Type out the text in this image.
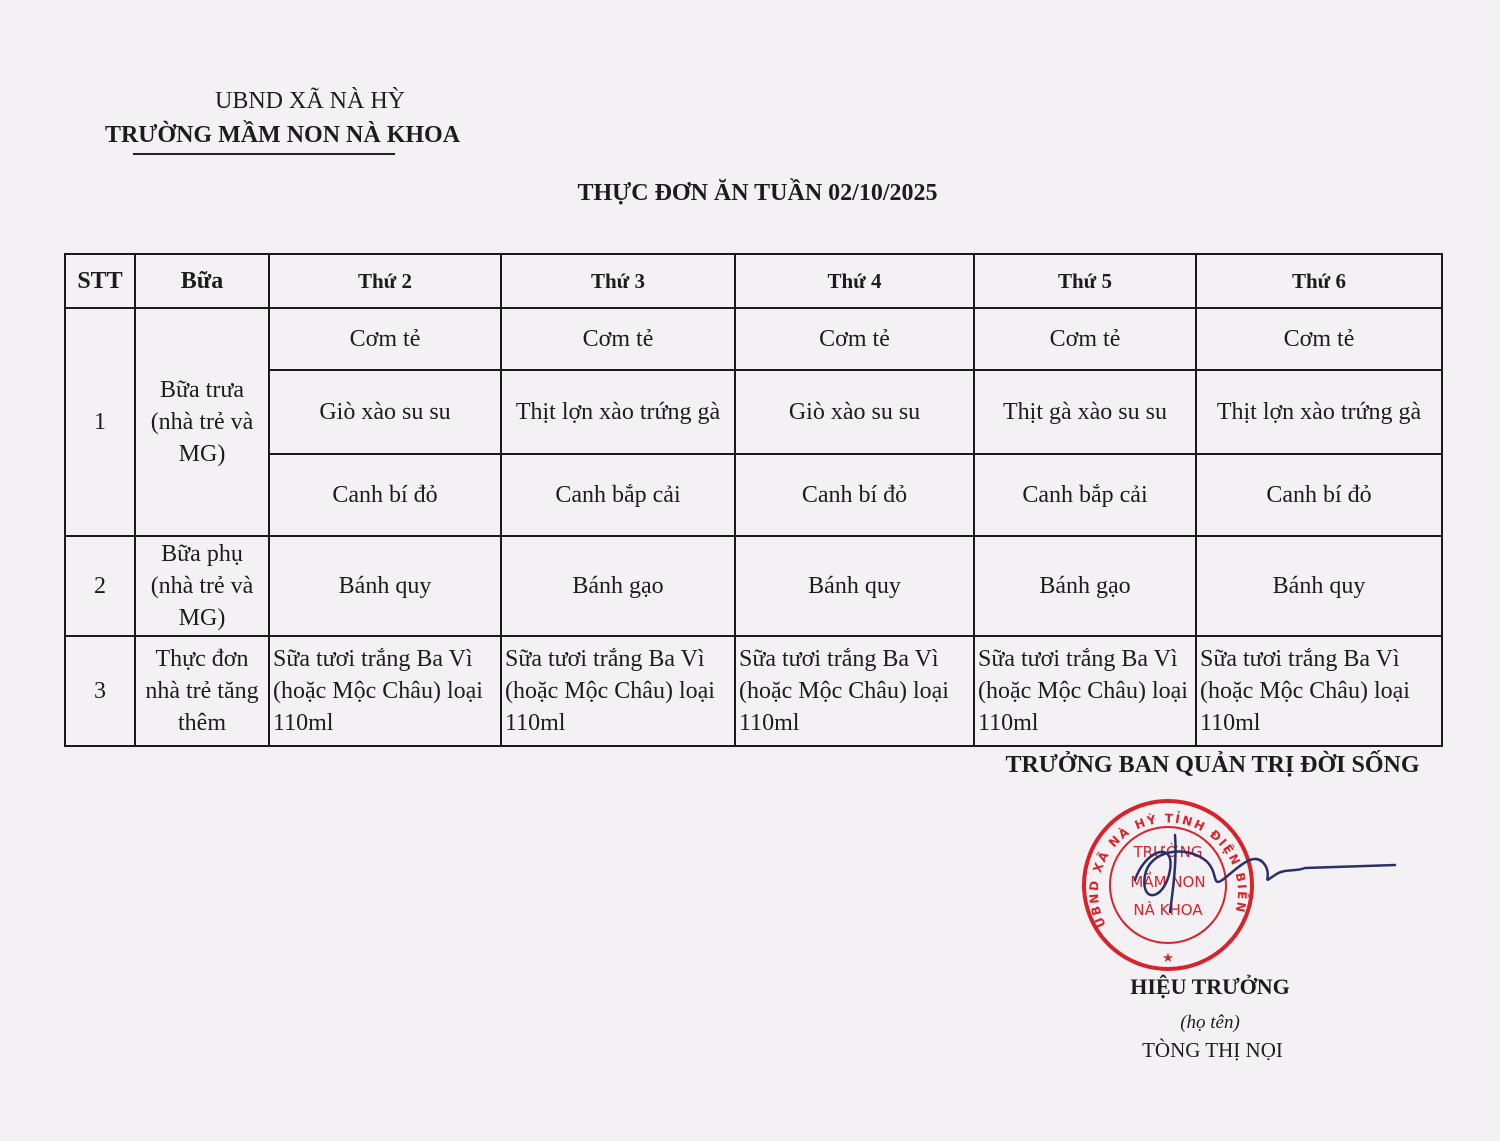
UBND XÃ NÀ HỲ
TRƯỜNG MẦM NON NÀ KHOA
THỰC ĐƠN ĂN TUẦN 02/10/2025
STT	Bữa	Thứ 2	Thứ 3	Thứ 4	Thứ 5	Thứ 6
1	Bữa trưa (nhà trẻ và MG)	Cơm tẻ	Cơm tẻ	Cơm tẻ	Cơm tẻ	Cơm tẻ
		Giò xào su su	Thịt lợn xào trứng gà	Giò xào su su	Thịt gà xào su su	Thịt lợn xào trứng gà
		Canh bí đỏ	Canh bắp cải	Canh bí đỏ	Canh bắp cải	Canh bí đỏ
2	Bữa phụ (nhà trẻ và MG)	Bánh quy	Bánh gạo	Bánh quy	Bánh gạo	Bánh quy
3	Thực đơn nhà trẻ tăng thêm	Sữa tươi trắng Ba Vì (hoặc Mộc Châu) loại 110ml	Sữa tươi trắng Ba Vì (hoặc Mộc Châu) loại 110ml	Sữa tươi trắng Ba Vì (hoặc Mộc Châu) loại 110ml	Sữa tươi trắng Ba Vì (hoặc Mộc Châu) loại 110ml	Sữa tươi trắng Ba Vì (hoặc Mộc Châu) loại 110ml
TRƯỞNG BAN QUẢN TRỊ ĐỜI SỐNG
UBND XÃ NÀ HỲ TỈNH ĐIỆN BIÊN
TRƯỜNG
MẦM NON
NÀ KHOA
★
HIỆU TRƯỞNG
(họ tên)
TÒNG THỊ NỌI
